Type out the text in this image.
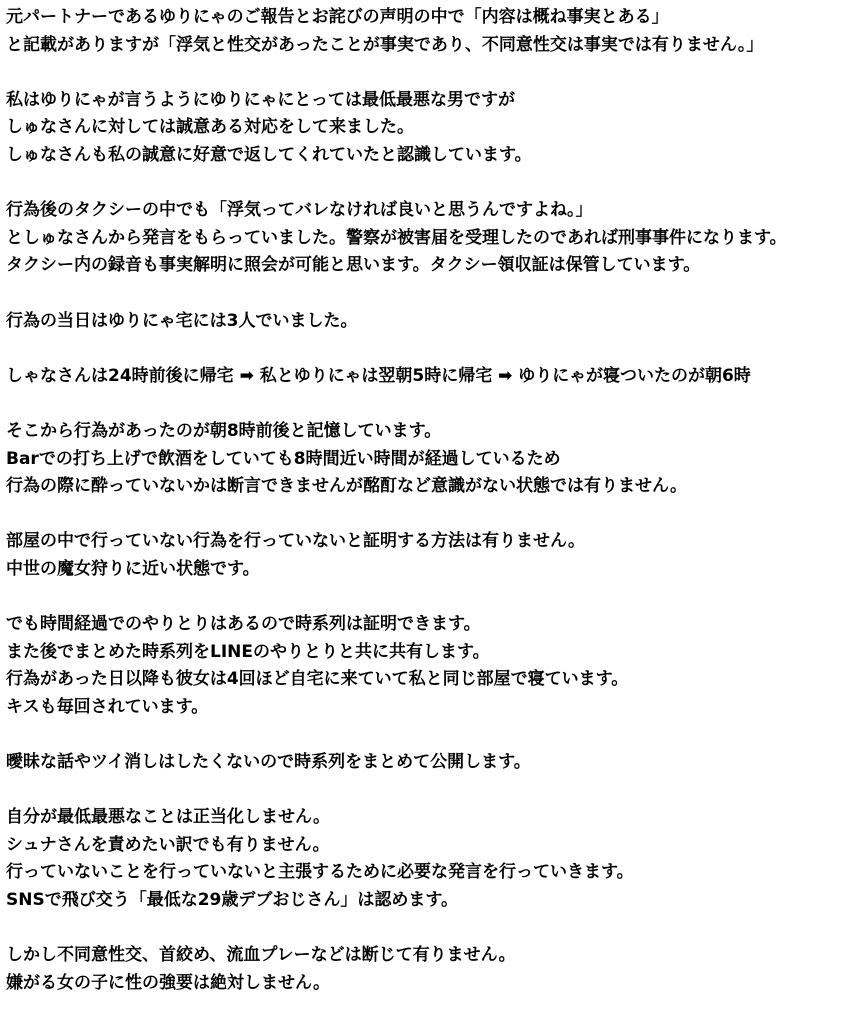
元パートナーであるゆりにゃのご報告とお詫びの声明の中で「内容は概ね事実とある」
と記載がありますが「浮気と性交があったことが事実であり、不同意性交は事実では有りません。」
私はゆりにゃが言うようにゆりにゃにとっては最低最悪な男ですが
しゅなさんに対しては誠意ある対応をして来ました。
しゅなさんも私の誠意に好意で返してくれていたと認識しています。
行為後のタクシーの中でも「浮気ってバレなければ良いと思うんですよね。」
としゅなさんから発言をもらっていました。警察が被害届を受理したのであれば刑事事件になります。
タクシー内の録音も事実解明に照会が可能と思います。タクシー領収証は保管しています。
行為の当日はゆりにゃ宅には3人でいました。
しゃなさんは24時前後に帰宅 ➡ 私とゆりにゃは翌朝5時に帰宅 ➡ ゆりにゃが寝ついたのが朝6時
そこから行為があったのが朝8時前後と記憶しています。
Barでの打ち上げで飲酒をしていても8時間近い時間が経過しているため
行為の際に酔っていないかは断言できませんが酩酊など意識がない状態では有りません。
部屋の中で行っていない行為を行っていないと証明する方法は有りません。
中世の魔女狩りに近い状態です。
でも時間経過でのやりとりはあるので時系列は証明できます。
また後でまとめた時系列をLINEのやりとりと共に共有します。
行為があった日以降も彼女は4回ほど自宅に来ていて私と同じ部屋で寝ています。
キスも毎回されています。
曖昧な話やツイ消しはしたくないので時系列をまとめて公開します。
自分が最低最悪なことは正当化しません。
シュナさんを責めたい訳でも有りません。
行っていないことを行っていないと主張するために必要な発言を行っていきます。
SNSで飛び交う「最低な29歳デブおじさん」は認めます。
しかし不同意性交、首絞め、流血プレーなどは断じて有りません。
嫌がる女の子に性の強要は絶対しません。
